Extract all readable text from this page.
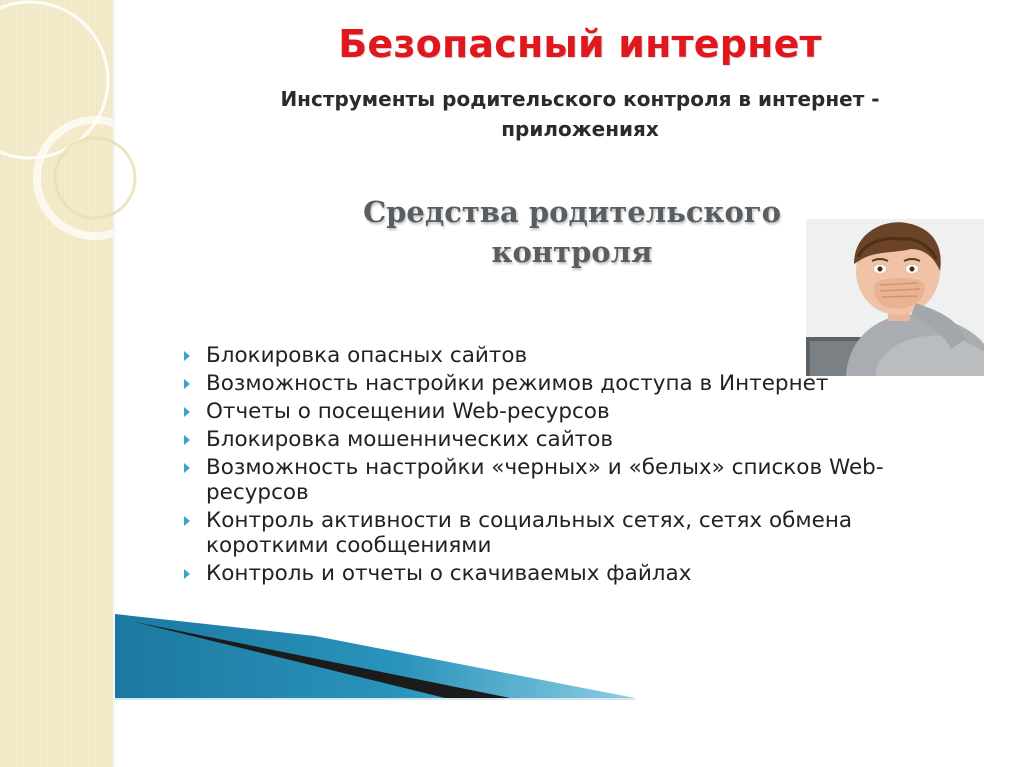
Безопасный интернет
Инструменты родительского контроля в интернет - приложениях
Средства родительского
контроля
Блокировка опасных сайтов
Возможность настройки режимов доступа в Интернет
Отчеты о посещении Web-ресурсов
Блокировка мошеннических сайтов
Возможность настройки «черных» и «белых» списков Web-ресурсов
Контроль активности в социальных сетях, сетях обмена короткими сообщениями
Контроль и отчеты о скачиваемых файлах
